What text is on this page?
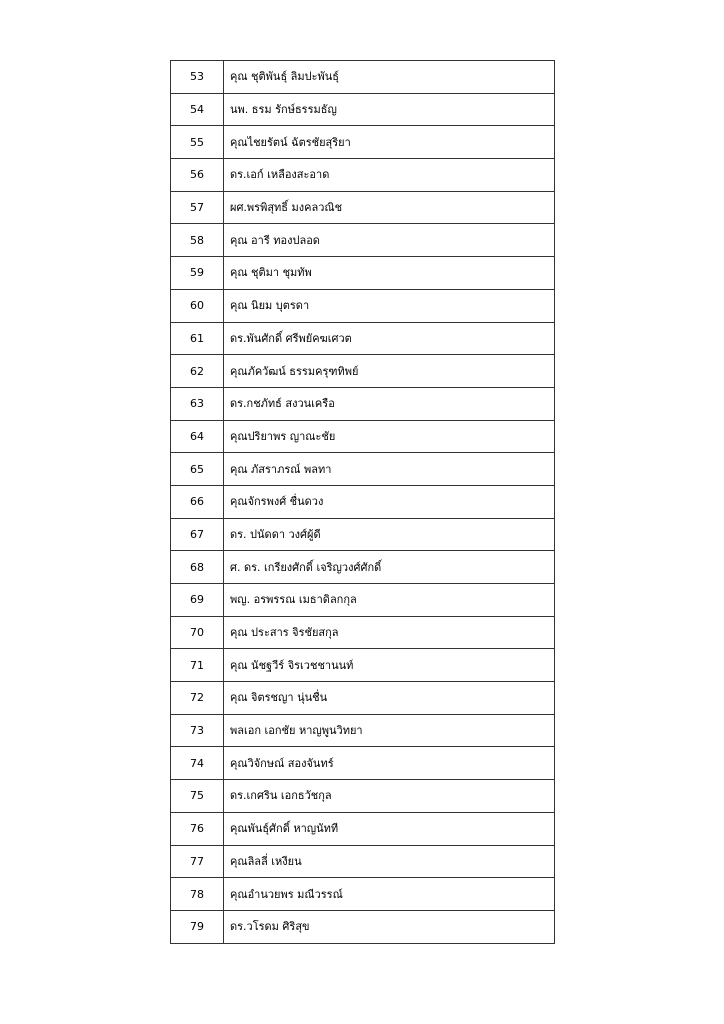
53	คุณ ชุติพันธุ์ ลิมปะพันธุ์
54	นพ. ธรม รักษ์ธรรมธัญ
55	คุณไชยรัตน์ ฉัตรชัยสุริยา
56	ดร.เอก์ เหลืองสะอาด
57	ผศ.พรพิสุทธิ์ มงคลวณิช
58	คุณ อารี ทองปลอด
59	คุณ ชุติมา ชุมทัพ
60	คุณ นิยม บุตรดา
61	ดร.พันศักดิ์ ศรีพยัคฆเศวต
62	คุณภัควัฒน์ ธรรมครุฑทิพย์
63	ดร.กชภัทธ์ สงวนเครือ
64	คุณปริยาพร ญาณะชัย
65	คุณ ภัสราภรณ์ พลทา
66	คุณจักรพงศ์ ชื่นดวง
67	ดร. ปนัดดา วงศ์ผู้ดี
68	ศ. ดร. เกรียงศักดิ์ เจริญวงศ์ศักดิ์
69	พญ. อรพรรณ เมธาดิลกกุล
70	คุณ ประสาร จิรชัยสกุล
71	คุณ นัชฐวีร์ จิรเวชชานนท์
72	คุณ จิตรชญา นุ่นชื่น
73	พลเอก เอกชัย หาญพูนวิทยา
74	คุณวิจักษณ์ สองจันทร์
75	ดร.เกศริน เอกธวัชกุล
76	คุณพันธุ์ศักดิ์ หาญนัทที
77	คุณลิลลี่ เหงียน
78	คุณอำนวยพร มณีวรรณ์
79	ดร.วโรดม ศิริสุข
